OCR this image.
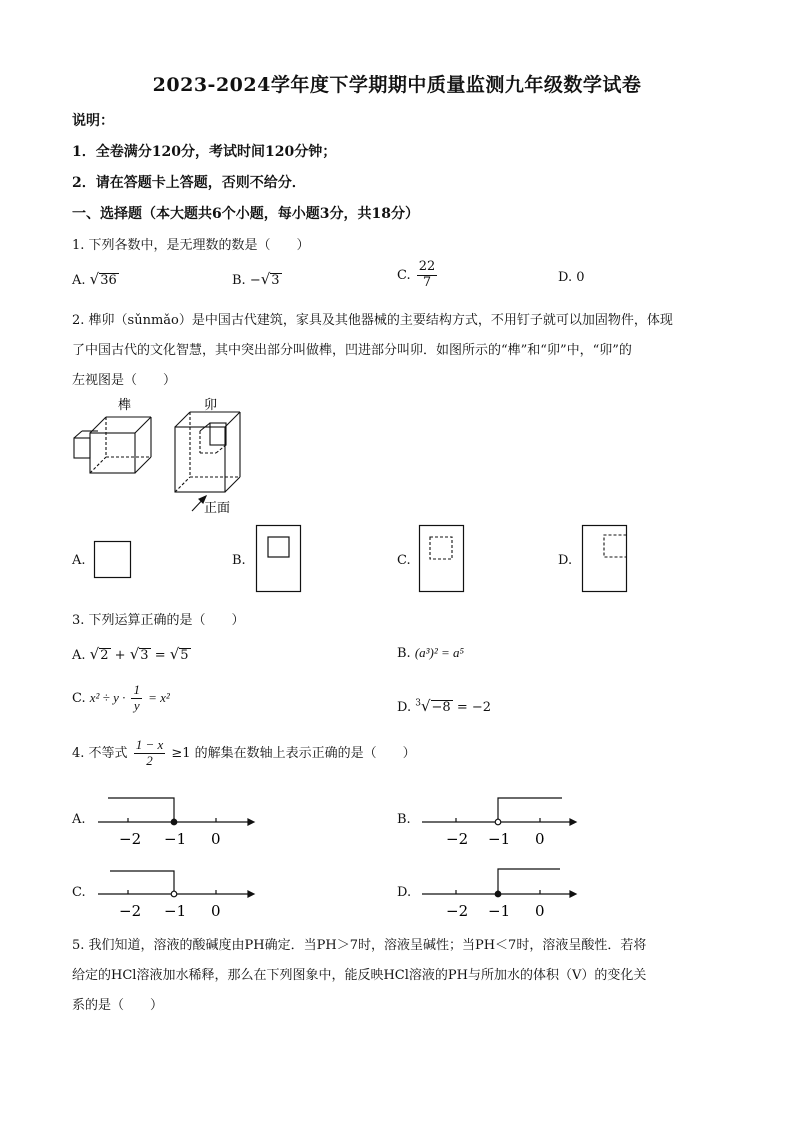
2023-2024学年度下学期期中质量监测九年级数学试卷
说明：
1．全卷满分120分，考试时间120分钟；
2．请在答题卡上答题，否则不给分．
一、选择题（本大题共6个小题，每小题3分，共18分）
1. 下列各数中，是无理数的数是（　　）
A. √36	B. −√3	C. $\frac{22}{7}$	D. 0
2. 榫卯（sǔnmǎo）是中国古代建筑，家具及其他器械的主要结构方式，不用钉子就可以加固物件，体现
了中国古代的文化智慧，其中突出部分叫做榫，凹进部分叫卯．如图所示的“榫”和“卯”中，“卯”的
左视图是（　　）
榫	卯
正面
A.	B.	C.	D.
3. 下列运算正确的是（　　）
A. √2 + √3 = √5	B. (a³)² = a⁵
C. $x^2 \div y \cdot \frac{1}{y} = x^2$
D. $^3$√−8 = −2
4. 不等式 $\frac{1 - x}{2} \ge 1$ 的解集在数轴上表示正确的是（　　）
A.
−2 −1 0
B.
−2 −1 0
C.
−2 −1 0
D.
−2 −1 0
5. 我们知道，溶液的酸碱度由PH确定．当PH＞7时，溶液呈碱性；当PH＜7时，溶液呈酸性．若将
给定的HCl溶液加水稀释，那么在下列图象中，能反映HCl溶液的PH与所加水的体积（V）的变化关
系的是（　　）
